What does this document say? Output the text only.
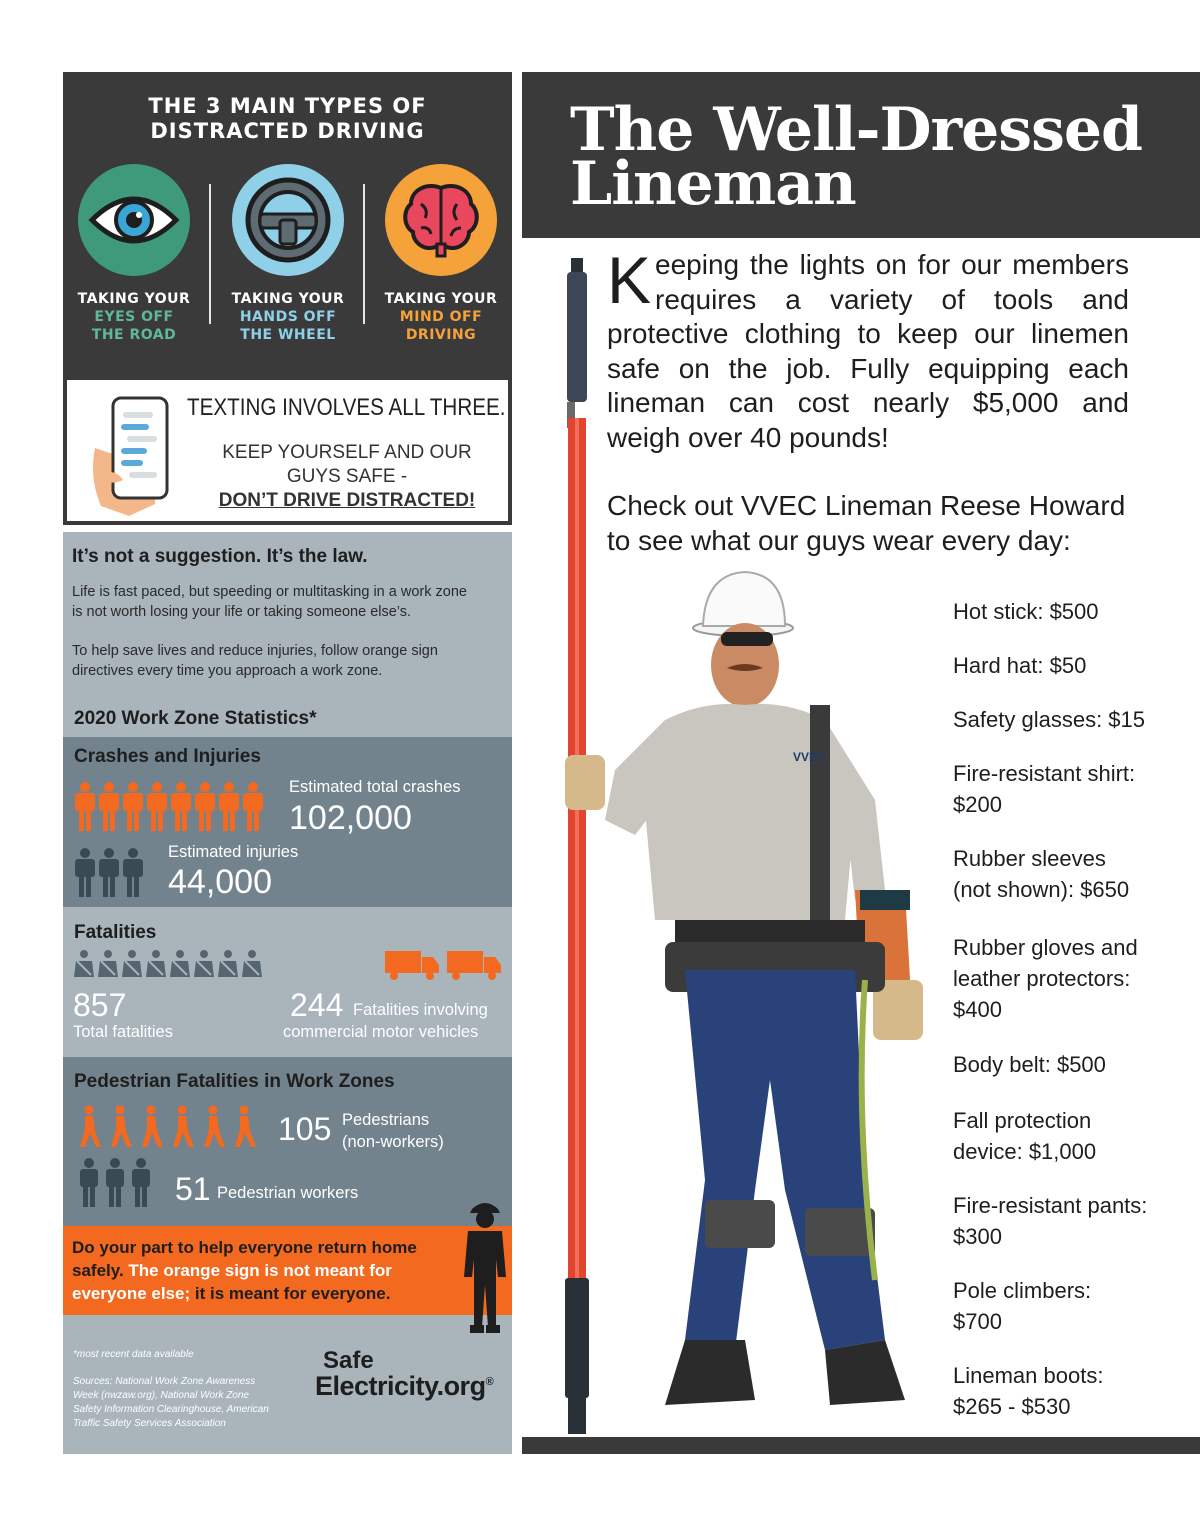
THE 3 MAIN TYPES OF
DISTRACTED DRIVING
TAKING YOUR
EYES OFF
THE ROAD
TAKING YOUR
HANDS OFF
THE WHEEL
TAKING YOUR
MIND OFF
DRIVING
TEXTING INVOLVES ALL THREE.
KEEP YOURSELF AND OUR
GUYS SAFE -
DON’T DRIVE DISTRACTED!
It’s not a suggestion. It’s the law.
Life is fast paced, but speeding or multitasking in a work zone
is not worth losing your life or taking someone else’s.
To help save lives and reduce injuries, follow orange sign
directives every time you approach a work zone.
2020 Work Zone Statistics*
Crashes and Injuries
Estimated total crashes
102,000
Estimated injuries
44,000
Fatalities
857
Total fatalities
244 Fatalities involving
commercial motor vehicles
Pedestrian Fatalities in Work Zones
105 Pedestrians
(non-workers)
51 Pedestrian workers
Do your part to help everyone return home
safely. The orange sign is not meant for
everyone else; it is meant for everyone.
*most recent data available
Sources: National Work Zone Awareness
Week (nwzaw.org), National Work Zone
Safety Information Clearinghouse, American
Traffic Safety Services Association
Safe
Electricity.org®
The Well-Dressed
Lineman
VVEC
Keeping the lights on for our members requires a variety of tools and protective clothing to keep our linemen safe on the job. Fully equipping each lineman can cost nearly $5,000 and weigh over 40 pounds!
Check out VVEC Lineman Reese Howard
to see what our guys wear every day:
Hot stick: $500
Hard hat: $50
Safety glasses: $15
Fire-resistant shirt:
$200
Rubber sleeves
(not shown): $650
Rubber gloves and
leather protectors:
$400
Body belt: $500
Fall protection
device: $1,000
Fire-resistant pants:
$300
Pole climbers:
$700
Lineman boots:
$265 - $530
